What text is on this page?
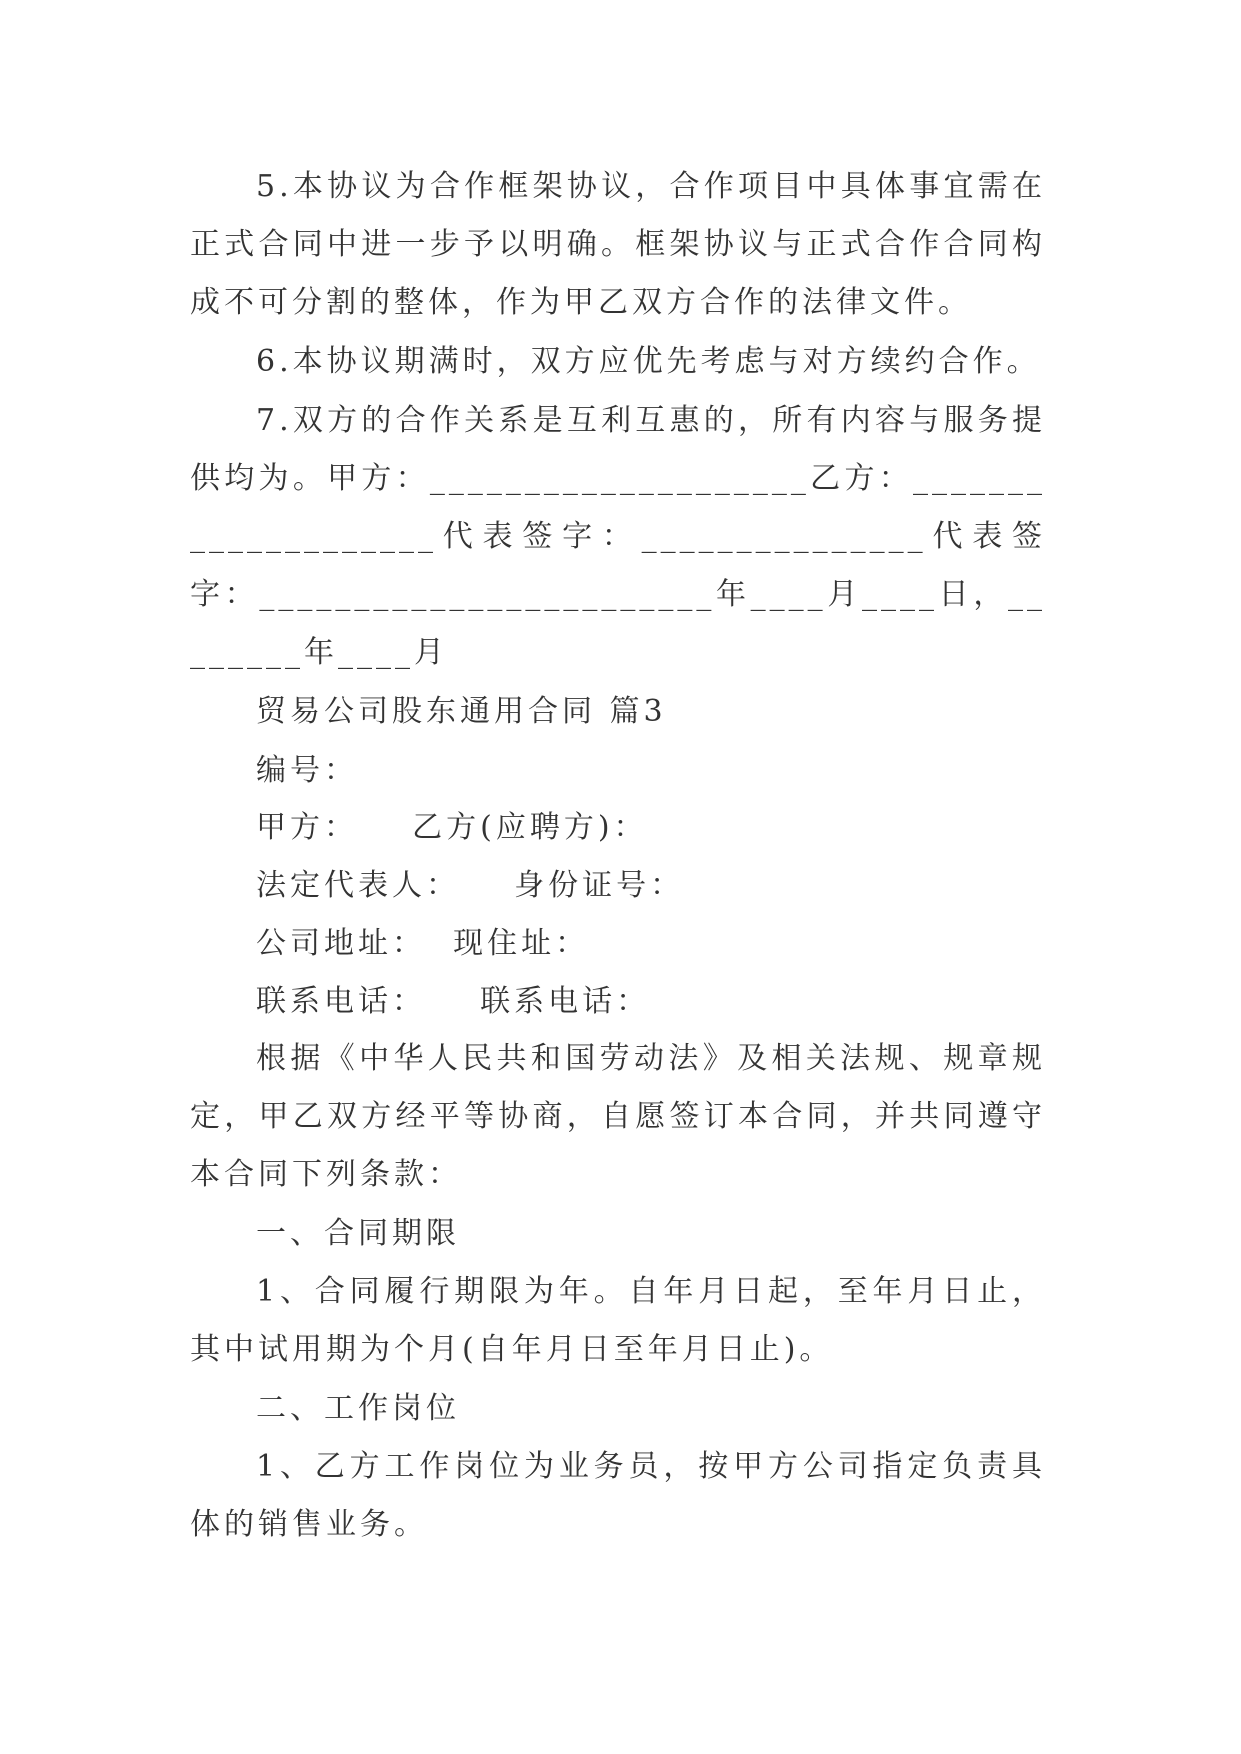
5.本协议为合作框架协议，合作项目中具体事宜需在正式合同中进一步予以明确。框架协议与正式合作合同构成不可分割的整体，作为甲乙双方合作的法律文件。

6.本协议期满时，双方应优先考虑与对方续约合作。

7.双方的合作关系是互利互惠的，所有内容与服务提供均为。甲方：____________________乙方：____________________代表签字：_______________代表签字：________________________年____月____日，________年____月

贸易公司股东通用合同 篇3

编号：

甲方：    乙方(应聘方)：

法定代表人：    身份证号：

公司地址：  现住址：

联系电话：    联系电话：

根据《中华人民共和国劳动法》及相关法规、规章规定，甲乙双方经平等协商，自愿签订本合同，并共同遵守本合同下列条款：

一、合同期限

1、合同履行期限为年。自年月日起，至年月日止，其中试用期为个月(自年月日至年月日止)。

二、工作岗位

1、乙方工作岗位为业务员，按甲方公司指定负责具体的销售业务。
